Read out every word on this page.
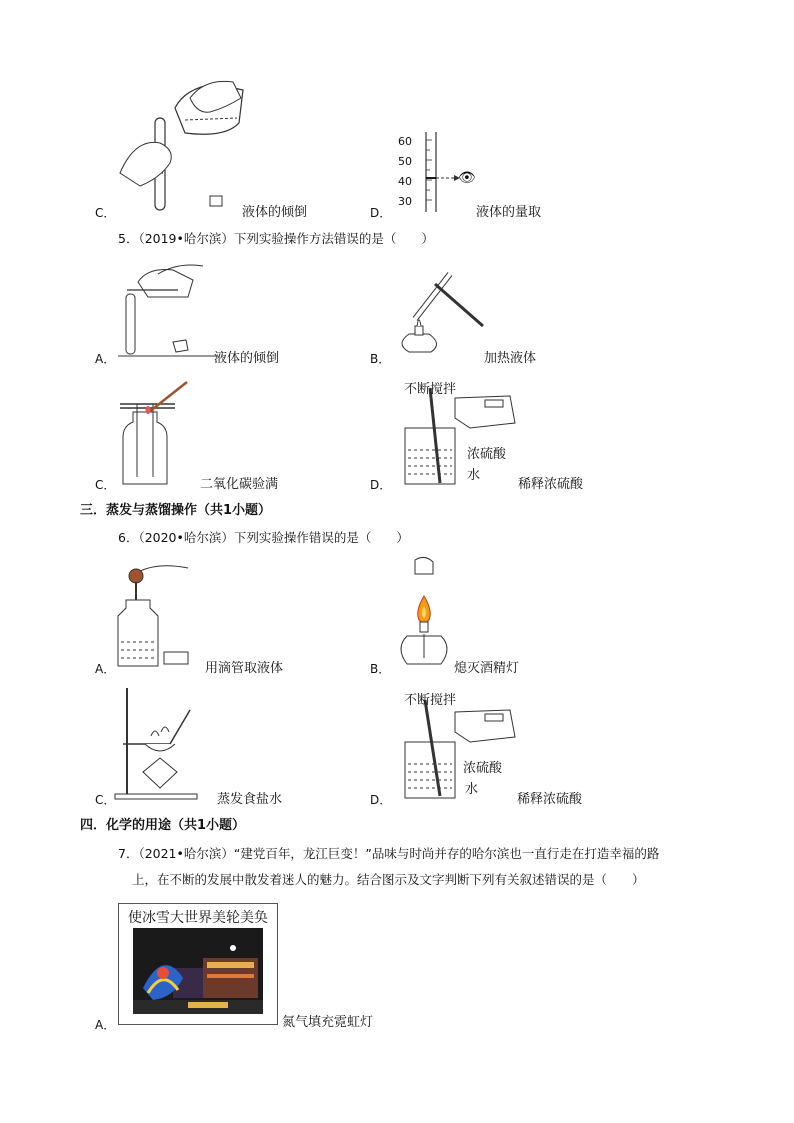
C．	液体的倾倒
👁
60
50
40
30
D．	液体的量取
5．（2019•哈尔滨）下列实验操作方法错误的是（　　）
A．	液体的倾倒	B．	加热液体
C．	二氧化碳验满
不断搅拌
浓硫酸
水
D．	稀释浓硫酸
三．蒸发与蒸馏操作（共1小题）
6．（2020•哈尔滨）下列实验操作错误的是（　　）
A．	用滴管取液体	B．	熄灭酒精灯
C．	蒸发食盐水
不断搅拌
浓硫酸
水
D．	稀释浓硫酸
四．化学的用途（共1小题）
7．（2021•哈尔滨）“建党百年，龙江巨变！”品味与时尚并存的哈尔滨也一直行走在打造幸福的路
上，在不断的发展中散发着迷人的魅力。结合图示及文字判断下列有关叙述错误的是（　　）
使冰雪大世界美轮美奂
A．	氮气填充霓虹灯
